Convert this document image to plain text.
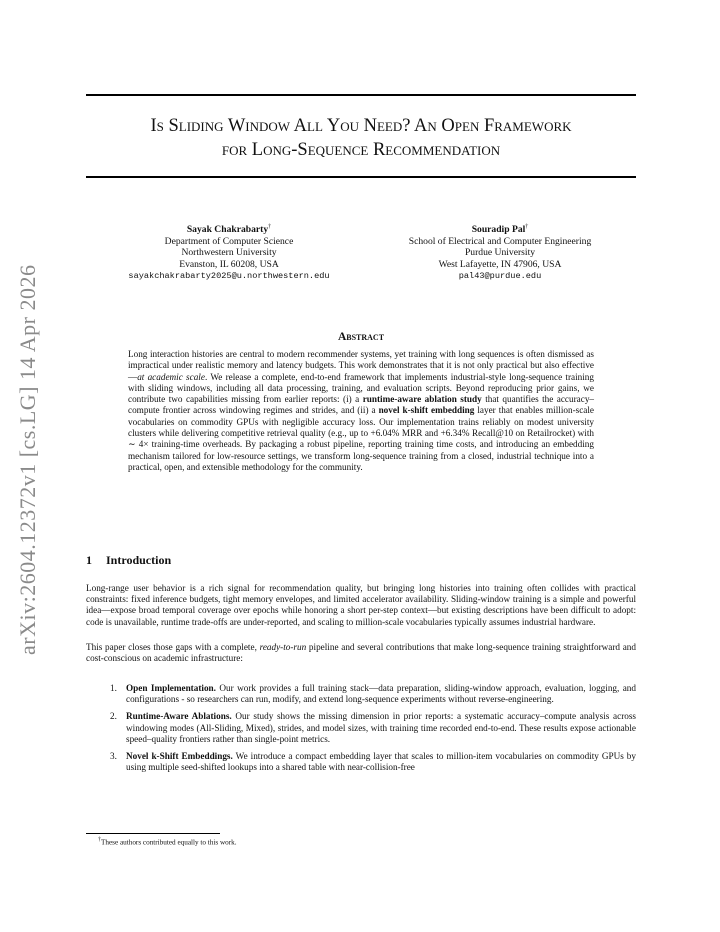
arXiv:2604.12372v1 [cs.LG] 14 Apr 2026
Is Sliding Window All You Need? An Open Framework
for Long-Sequence Recommendation
Sayak Chakrabarty†
Department of Computer Science
Northwestern University
Evanston, IL 60208, USA
sayakchakrabarty2025@u.northwestern.edu
Souradip Pal†
School of Electrical and Computer Engineering
Purdue University
West Lafayette, IN 47906, USA
pal43@purdue.edu
Abstract
Long interaction histories are central to modern recommender systems, yet training with long sequences is often dismissed as impractical under realistic memory and latency budgets. This work demonstrates that it is not only practical but also effective—at academic scale. We release a complete, end-to-end framework that implements industrial-style long-sequence training with sliding windows, including all data processing, training, and evaluation scripts. Beyond reproducing prior gains, we contribute two capabilities missing from earlier reports: (i) a runtime-aware ablation study that quantifies the accuracy–compute frontier across windowing regimes and strides, and (ii) a novel k-shift embedding layer that enables million-scale vocabularies on commodity GPUs with negligible accuracy loss. Our implementation trains reliably on modest university clusters while delivering competitive retrieval quality (e.g., up to +6.04% MRR and +6.34% Recall@10 on Retailrocket) with ∼ 4× training-time overheads. By packaging a robust pipeline, reporting training time costs, and introducing an embedding mechanism tailored for low-resource settings, we transform long-sequence training from a closed, industrial technique into a practical, open, and extensible methodology for the community.
1 Introduction
Long-range user behavior is a rich signal for recommendation quality, but bringing long histories into training often collides with practical constraints: fixed inference budgets, tight memory envelopes, and limited accelerator availability. Sliding-window training is a simple and powerful idea—expose broad temporal coverage over epochs while honoring a short per-step context—but existing descriptions have been difficult to adopt: code is unavailable, runtime trade-offs are under-reported, and scaling to million-scale vocabularies typically assumes industrial hardware.
This paper closes those gaps with a complete, ready-to-run pipeline and several contributions that make long-sequence training straightforward and cost-conscious on academic infrastructure:
1. Open Implementation. Our work provides a full training stack—data preparation, sliding-window approach, evaluation, logging, and configurations - so researchers can run, modify, and extend long-sequence experiments without reverse-engineering.
2. Runtime-Aware Ablations. Our study shows the missing dimension in prior reports: a systematic accuracy–compute analysis across windowing modes (All-Sliding, Mixed), strides, and model sizes, with training time recorded end-to-end. These results expose actionable speed–quality frontiers rather than single-point metrics.
3. Novel k-Shift Embeddings. We introduce a compact embedding layer that scales to million-item vocabularies on commodity GPUs by using multiple seed-shifted lookups into a shared table with near-collision-free
†These authors contributed equally to this work.
